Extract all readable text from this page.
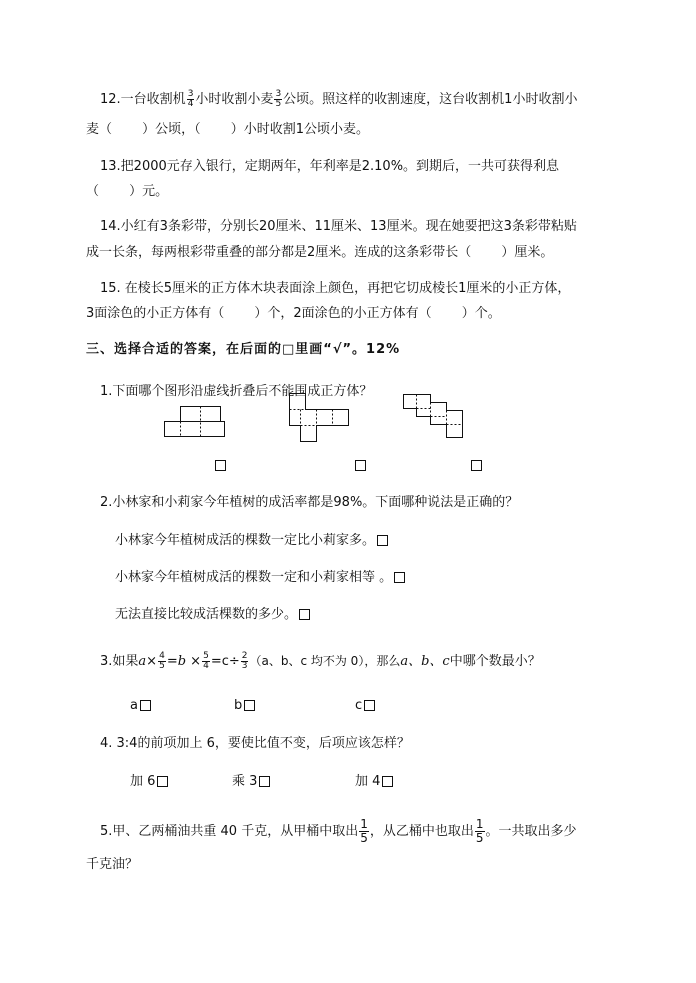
12.一台收割机 $\frac{3}{4}$ 小时收割小麦 $\frac{3}{5}$ 公顷。照这样的收割速度，这台收割机1小时收割小
麦（　　 ）公顷，（　　 ）小时收割1公顷小麦。
13.把2000元存入银行，定期两年，年利率是2.10%。到期后，一共可获得利息
（　　 ）元。
14.小红有3条彩带，分别长20厘米、11厘米、13厘米。现在她要把这3条彩带粘贴
成一长条，每两根彩带重叠的部分都是2厘米。连成的这条彩带长（　　 ）厘米。
15. 在棱长5厘米的正方体木块表面涂上颜色，再把它切成棱长1厘米的小正方体，
3面涂色的小正方体有（　　 ）个，2面涂色的小正方体有（　　 ）个。
三、选择合适的答案，在后面的□里画“√”。12%
1.下面哪个图形沿虚线折叠后不能围成正方体？
2.小林家和小莉家今年植树的成活率都是98%。下面哪种说法是正确的？
小林家今年植树成活的棵数一定比小莉家多。
小林家今年植树成活的棵数一定和小莉家相等 。
无法直接比较成活棵数的多少。
3.如果$a\times \frac{4}{5} =b \times \frac{5}{4} =c\div \frac{2}{3} (a$、b、c 均不为 0），那么a、b、c中哪个数最小？
a	b	c
4. 3:4的前项加上 6，要使比值不变，后项应该怎样？
加 6	乘 3	加 4
5.甲、乙两桶油共重 40 千克，从甲桶中取出 $\frac{1}{5}$ ，从乙桶中也取出 $\frac{1}{5}$ 。一共取出多少
千克油？
